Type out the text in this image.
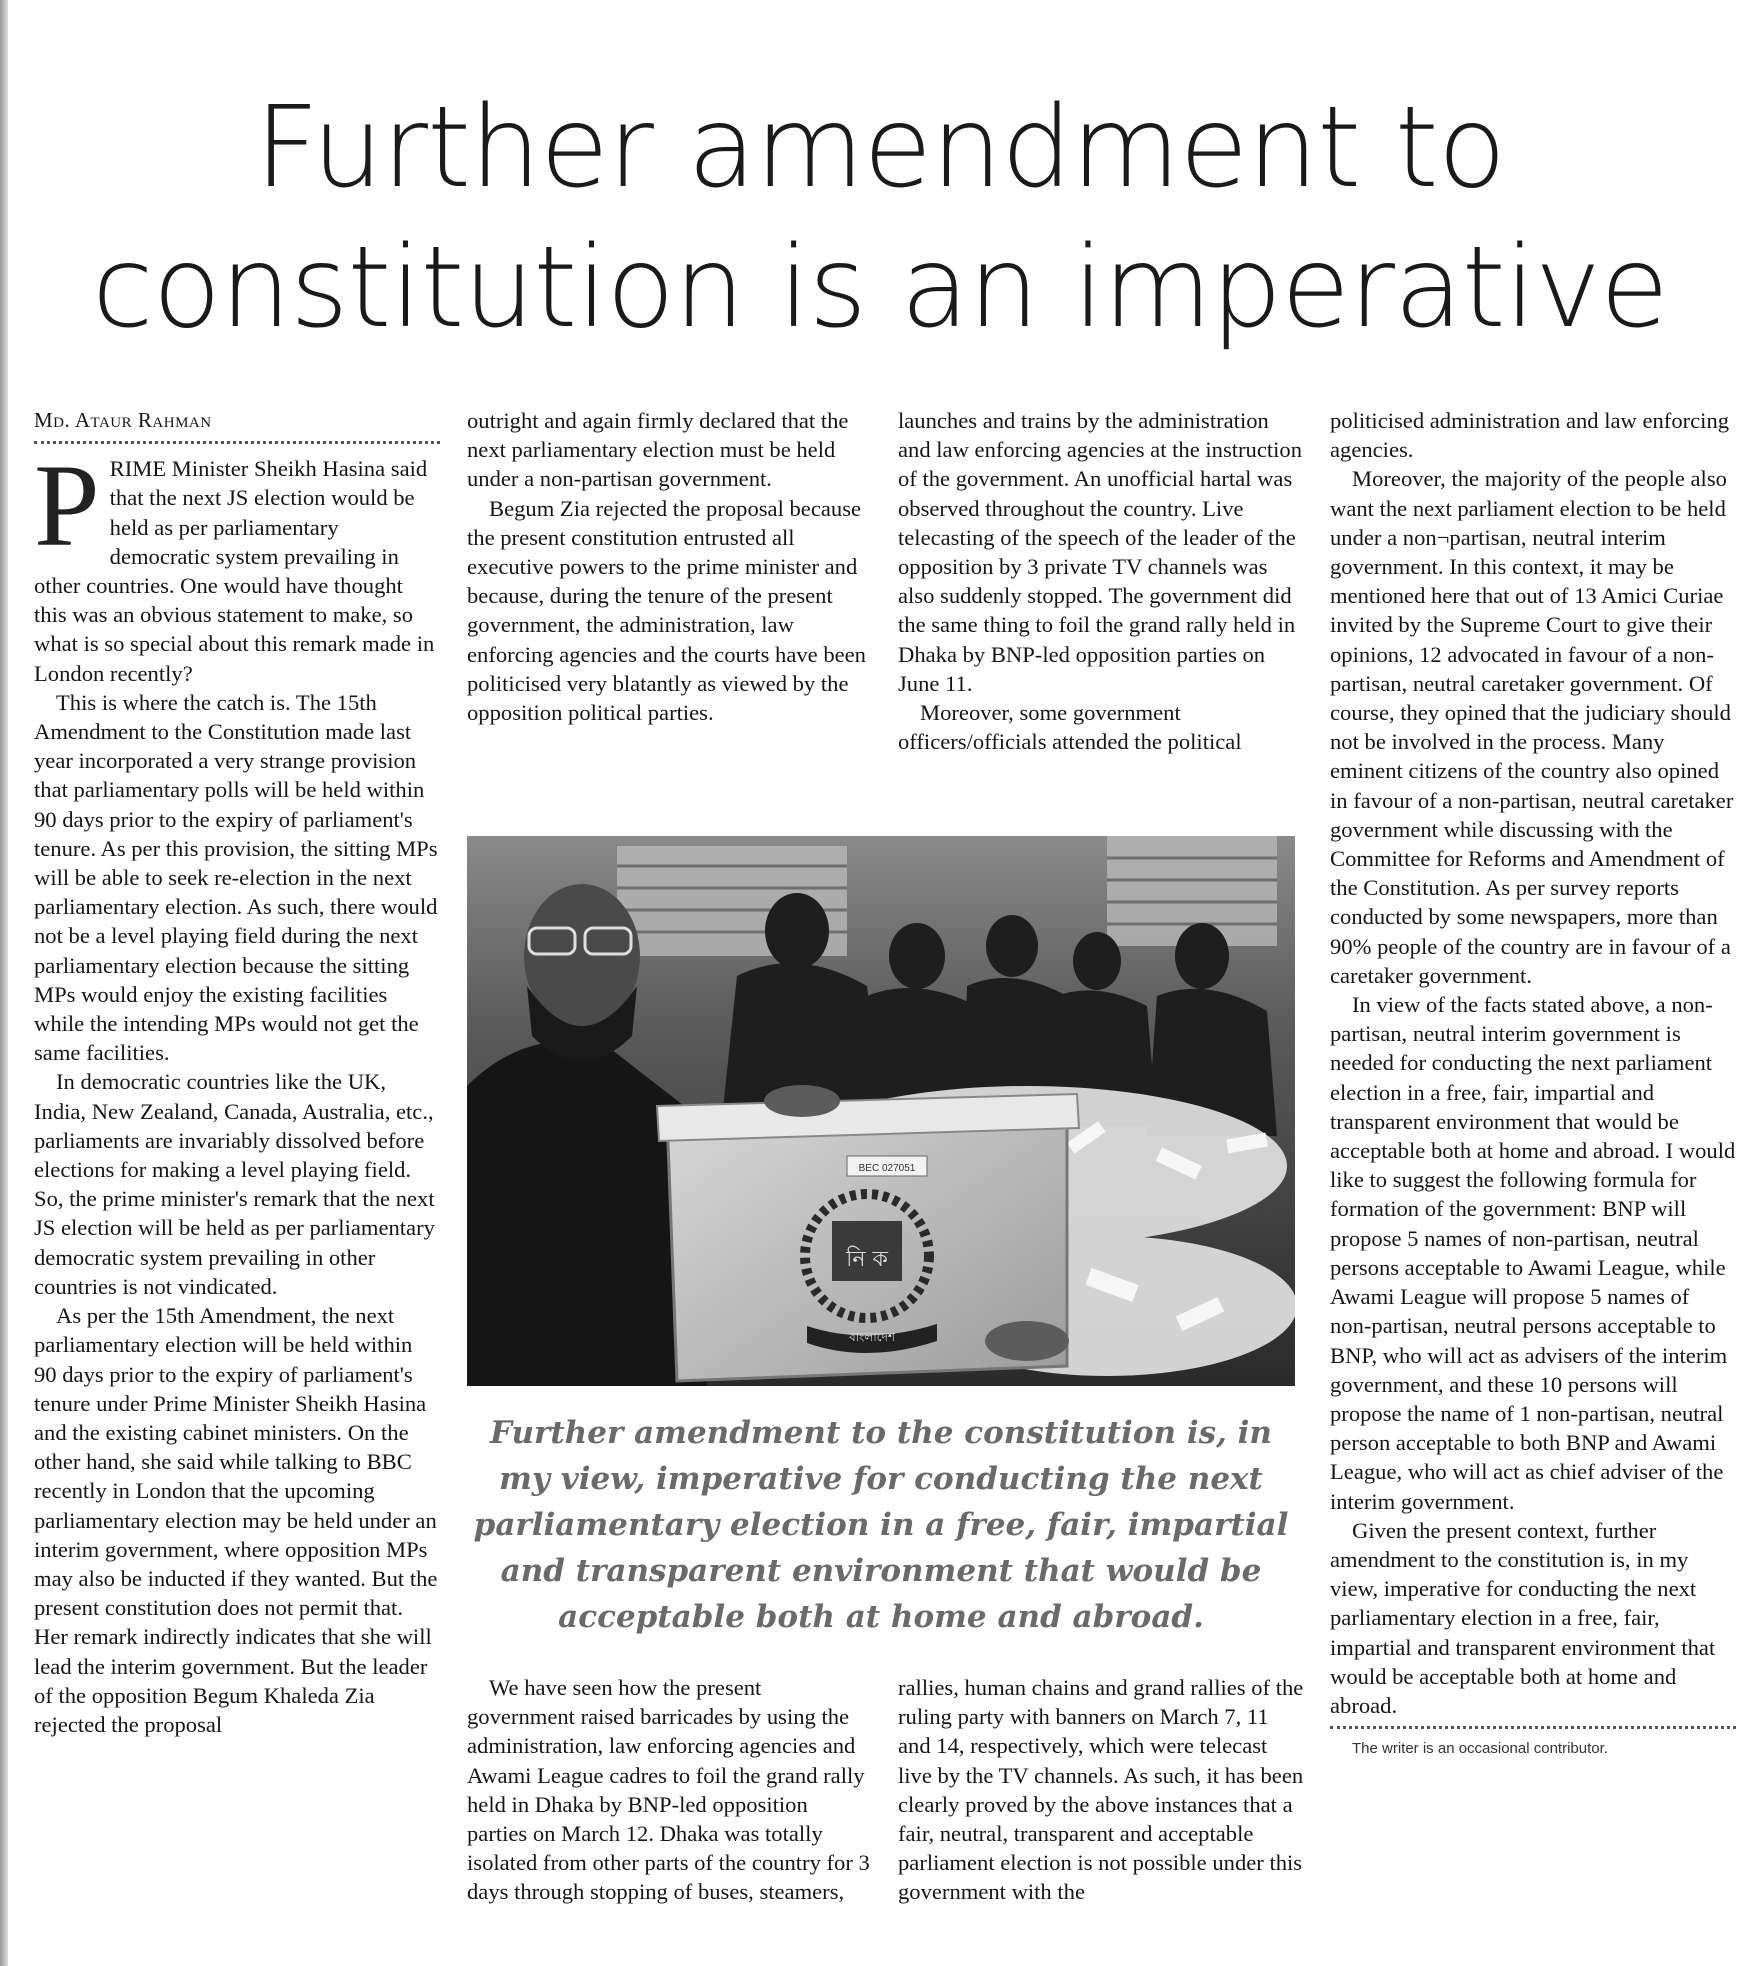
Further amendment to
constitution is an imperative
Md. Ataur Rahman

PRIME Minister Sheikh Hasina said that the next JS election would be held as per parliamentary democratic system prevailing in other countries. One would have thought this was an obvious statement to make, so what is so special about this remark made in London recently?

This is where the catch is. The 15th Amendment to the Constitution made last year incorporated a very strange provision that parliamentary polls will be held within 90 days prior to the expiry of parliament's tenure. As per this provision, the sitting MPs will be able to seek re-election in the next parliamentary election. As such, there would not be a level playing field during the next parliamentary election because the sitting MPs would enjoy the existing facilities while the intending MPs would not get the same facilities.

In democratic countries like the UK, India, New Zealand, Canada, Australia, etc., parliaments are invariably dissolved before elections for making a level playing field. So, the prime minister's remark that the next JS election will be held as per parliamentary democratic system prevailing in other countries is not vindicated.

As per the 15th Amendment, the next parliamentary election will be held within 90 days prior to the expiry of parliament's tenure under Prime Minister Sheikh Hasina and the existing cabinet ministers. On the other hand, she said while talking to BBC recently in London that the upcoming parliamentary election may be held under an interim government, where opposition MPs may also be inducted if they wanted. But the present constitution does not permit that. Her remark indirectly indicates that she will lead the interim government. But the leader of the opposition Begum Khaleda Zia rejected the proposal

outright and again firmly declared that the next parliamentary election must be held under a non-partisan government.

Begum Zia rejected the proposal because the present constitution entrusted all executive powers to the prime minister and because, during the tenure of the present government, the administration, law enforcing agencies and the courts have been politicised very blatantly as viewed by the opposition political parties.

launches and trains by the administration and law enforcing agencies at the instruction of the government. An unofficial hartal was observed throughout the country. Live telecasting of the speech of the leader of the opposition by 3 private TV channels was also suddenly stopped. The government did the same thing to foil the grand rally held in Dhaka by BNP-led opposition parties on June 11.

Moreover, some government officers/officials attended the political

BEC 027051
নি ক
বাংলাদেশ

Further amendment to the constitution is, in my view, imperative for conducting the next parliamentary election in a free, fair, impartial and transparent environment that would be acceptable both at home and abroad.

We have seen how the present government raised barricades by using the administration, law enforcing agencies and Awami League cadres to foil the grand rally held in Dhaka by BNP-led opposition parties on March 12. Dhaka was totally isolated from other parts of the country for 3 days through stopping of buses, steamers,

rallies, human chains and grand rallies of the ruling party with banners on March 7, 11 and 14, respectively, which were telecast live by the TV channels. As such, it has been clearly proved by the above instances that a fair, neutral, transparent and acceptable parliament election is not possible under this government with the

politicised administration and law enforcing agencies.

Moreover, the majority of the people also want the next parliament election to be held under a non¬partisan, neutral interim government. In this context, it may be mentioned here that out of 13 Amici Curiae invited by the Supreme Court to give their opinions, 12 advocated in favour of a non-partisan, neutral caretaker government. Of course, they opined that the judiciary should not be involved in the process. Many eminent citizens of the country also opined in favour of a non-partisan, neutral caretaker government while discussing with the Committee for Reforms and Amendment of the Constitution. As per survey reports conducted by some newspapers, more than 90% people of the country are in favour of a caretaker government.

In view of the facts stated above, a non-partisan, neutral interim government is needed for conducting the next parliament election in a free, fair, impartial and transparent environment that would be acceptable both at home and abroad. I would like to suggest the following formula for formation of the government: BNP will propose 5 names of non-partisan, neutral persons acceptable to Awami League, while Awami League will propose 5 names of non-partisan, neutral persons acceptable to BNP, who will act as advisers of the interim government, and these 10 persons will propose the name of 1 non-partisan, neutral person acceptable to both BNP and Awami League, who will act as chief adviser of the interim government.

Given the present context, further amendment to the constitution is, in my view, imperative for conducting the next parliamentary election in a free, fair, impartial and transparent environment that would be acceptable both at home and abroad.

The writer is an occasional contributor.
